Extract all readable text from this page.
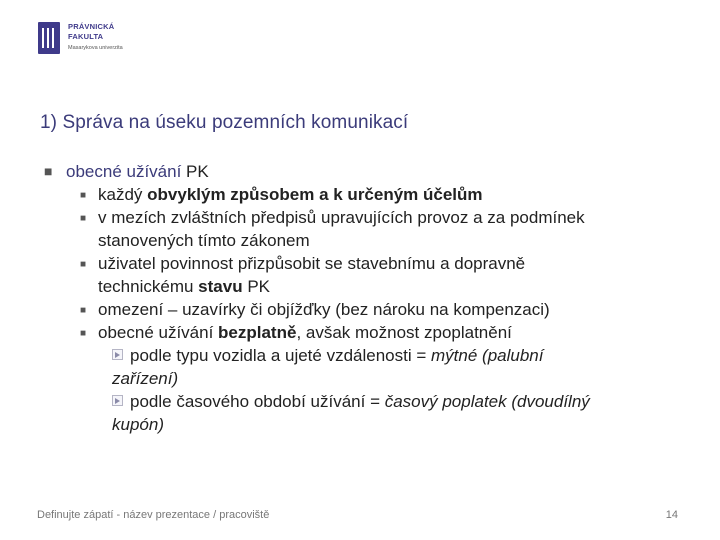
PRÁVNICKÁ
FAKULTA
Masarykova univerzita
1) Správa na úseku pozemních komunikací
■ obecné užívání PK
■ každý obvyklým způsobem a k určeným účelům
■ v mezích zvláštních předpisů upravujících provoz a za podmínek
stanovených tímto zákonem
■ uživatel povinnost přizpůsobit se stavebnímu a dopravně
technickému stavu PK
■ omezení – uzavírky či objížďky (bez nároku na kompenzaci)
■ obecné užívání bezplatně, avšak možnost zpoplatnění
podle typu vozidla a ujeté vzdálenosti = mýtné (palubní
zařízení)
podle časového období užívání = časový poplatek (dvoudílný
kupón)
Definujte zápatí - název prezentace / pracoviště	14
